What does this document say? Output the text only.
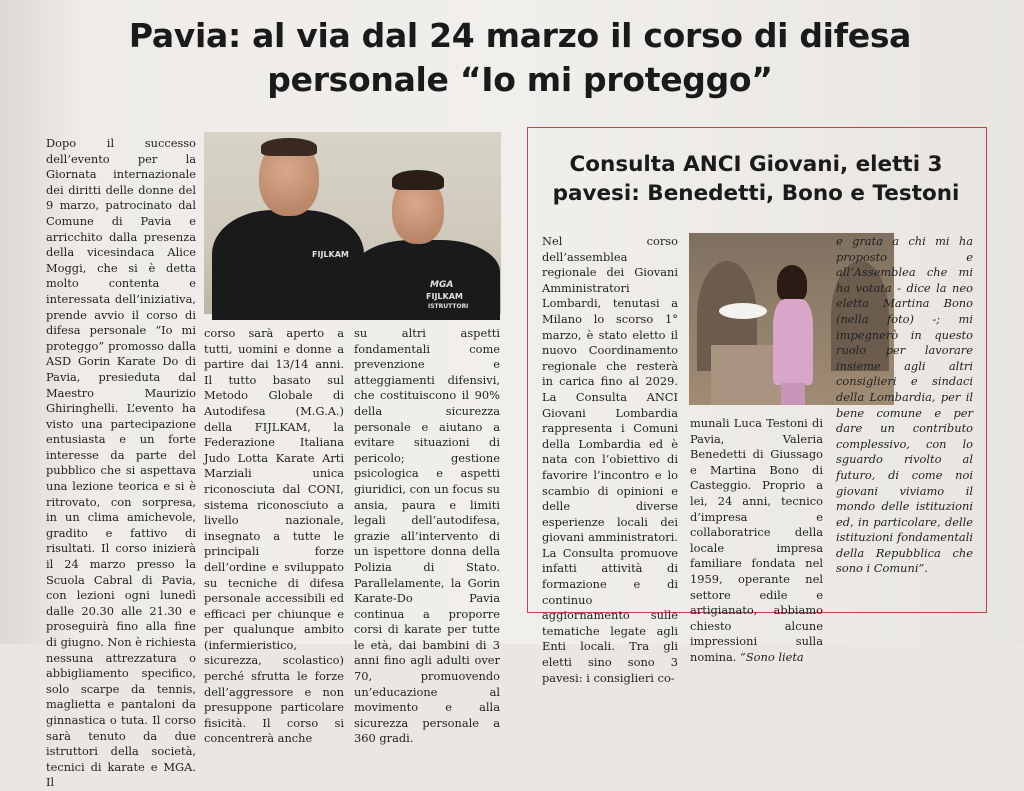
Pavia: al via dal 24 marzo il corso di difesa personale “Io mi proteggo”

Dopo il successo dell’evento per la Giornata internazionale dei diritti delle donne del 9 marzo, patrocinato dal Comune di Pavia e arricchito dalla presenza della vicesindaca Alice Moggi, che si è detta molto contenta e interessata dell’iniziativa, prende avvio il corso di difesa personale “Io mi proteggo” promosso dalla ASD Gorin Karate Do di Pavia, presieduta dal Maestro Maurizio Ghiringhelli. L’evento ha visto una partecipazione entusiasta e un forte interesse da parte del pubblico che si aspettava una lezione teorica e si è ritrovato, con sorpresa, in un clima amichevole, gradito e fattivo di risultati. Il corso inizierà il 24 marzo presso la Scuola Cabral di Pavia, con lezioni ogni lunedì dalle 20.30 alle 21.30 e proseguirà fino alla fine di giugno. Non è richiesta nessuna attrezzatura o abbigliamento specifico, solo scarpe da tennis, maglietta e pantaloni da ginnastica o tuta. Il corso sarà tenuto da due istruttori della società, tecnici di karate e MGA. Il

FIJLKAM
MGA
FIJLKAM
ISTRUTTORI

corso sarà aperto a tutti, uomini e donne a partire dai 13/14 anni. Il tutto basato sul Metodo Globale di Autodifesa (M.G.A.) della FIJLKAM, la Federazione Italiana Judo Lotta Karate Arti Marziali unica riconosciuta dal CONI, sistema riconosciuto a livello nazionale, insegnato a tutte le principali forze dell’ordine e sviluppato su tecniche di difesa personale accessibili ed efficaci per chiunque e per qualunque ambito (infermieristico, sicurezza, scolastico) perché sfrutta le forze dell’aggressore e non presuppone particolare fisicità. Il corso si concentrerà anche

su altri aspetti fondamentali come prevenzione e atteggiamenti difensivi, che costituiscono il 90% della sicurezza personale e aiutano a evitare situazioni di pericolo; gestione psicologica e aspetti giuridici, con un focus su ansia, paura e limiti legali dell’autodifesa, grazie all’intervento di un ispettore donna della Polizia di Stato. Parallelamente, la Gorin Karate-Do Pavia continua a proporre corsi di karate per tutte le età, dai bambini di 3 anni fino agli adulti over 70, promuovendo un’educazione al movimento e alla sicurezza personale a 360 gradi.

Consulta ANCI Giovani, eletti 3 pavesi: Benedetti, Bono e Testoni

Nel corso dell’assemblea regionale dei Giovani Amministratori Lombardi, tenutasi a Milano lo scorso 1° marzo, è stato eletto il nuovo Coordinamento regionale che resterà in carica fino al 2029. La Consulta ANCI Giovani Lombardia rappresenta i Comuni della Lombardia ed è nata con l’obiettivo di favorire l’incontro e lo scambio di opinioni e delle diverse esperienze locali dei giovani amministratori. La Consulta promuove infatti attività di formazione e di continuo aggiornamento sulle tematiche legate agli Enti locali. Tra gli eletti sino sono 3 pavesi: i consiglieri co-

munali Luca Testoni di Pavia, Valeria Benedetti di Giussago e Martina Bono di Casteggio. Proprio a lei, 24 anni, tecnico d’impresa e collaboratrice della locale impresa familiare fondata nel 1959, operante nel settore edile e artigianato, abbiamo chiesto alcune impressioni sulla nomina. “Sono lieta

e grata a chi mi ha proposto e all’Assemblea che mi ha votata - dice la neo eletta Martina Bono (nella foto) -; mi impegnerò in questo ruolo per lavorare insieme agli altri consiglieri e sindaci della Lombardia, per il bene comune e per dare un contributo complessivo, con lo sguardo rivolto al futuro, di come noi giovani viviamo il mondo delle istituzioni ed, in particolare, delle istituzioni fondamentali della Repubblica che sono i Comuni”.
